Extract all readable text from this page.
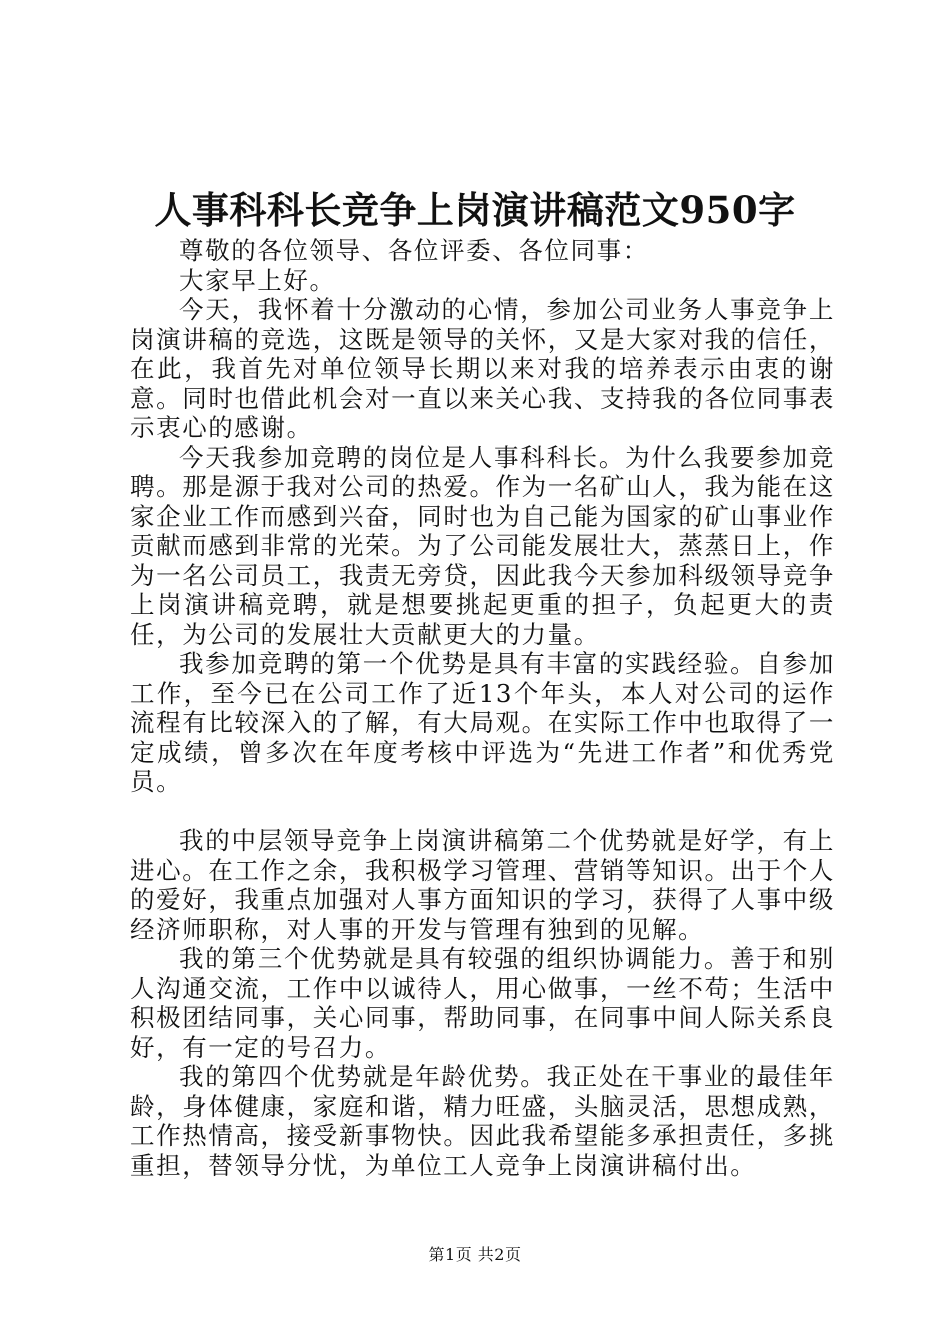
人事科科长竞争上岗演讲稿范文950字

尊敬的各位领导、各位评委、各位同事：

大家早上好。

今天，我怀着十分激动的心情，参加公司业务人事竞争上岗演讲稿的竞选，这既是领导的关怀，又是大家对我的信任，在此，我首先对单位领导长期以来对我的培养表示由衷的谢意。同时也借此机会对一直以来关心我、支持我的各位同事表示衷心的感谢。

今天我参加竞聘的岗位是人事科科长。为什么我要参加竞聘。那是源于我对公司的热爱。作为一名矿山人，我为能在这家企业工作而感到兴奋，同时也为自己能为国家的矿山事业作贡献而感到非常的光荣。为了公司能发展壮大，蒸蒸日上，作为一名公司员工，我责无旁贷，因此我今天参加科级领导竞争上岗演讲稿竞聘，就是想要挑起更重的担子，负起更大的责任，为公司的发展壮大贡献更大的力量。

我参加竞聘的第一个优势是具有丰富的实践经验。自参加工作，至今已在公司工作了近13个年头，本人对公司的运作流程有比较深入的了解，有大局观。在实际工作中也取得了一定成绩，曾多次在年度考核中评选为“先进工作者”和优秀党员。

我的中层领导竞争上岗演讲稿第二个优势就是好学，有上进心。在工作之余，我积极学习管理、营销等知识。出于个人的爱好，我重点加强对人事方面知识的学习，获得了人事中级经济师职称，对人事的开发与管理有独到的见解。

我的第三个优势就是具有较强的组织协调能力。善于和别人沟通交流，工作中以诚待人，用心做事，一丝不苟；生活中积极团结同事，关心同事，帮助同事，在同事中间人际关系良好，有一定的号召力。

我的第四个优势就是年龄优势。我正处在干事业的最佳年龄，身体健康，家庭和谐，精力旺盛，头脑灵活，思想成熟，工作热情高，接受新事物快。因此我希望能多承担责任，多挑重担，替领导分忧，为单位工人竞争上岗演讲稿付出。

第1页 共2页
